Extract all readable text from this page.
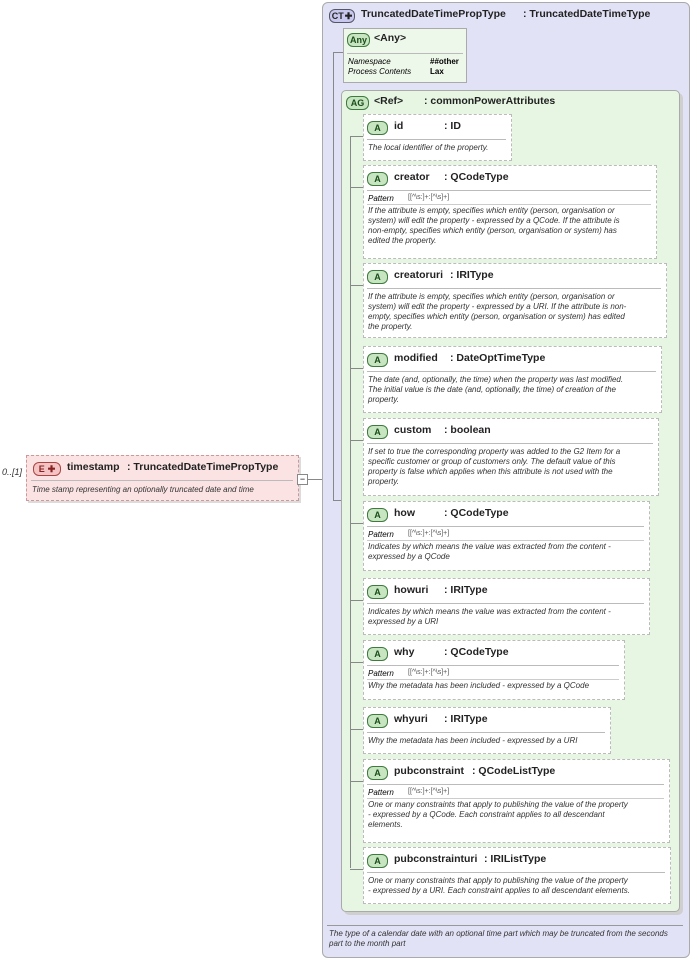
0..[1]	E ✚	timestamp : TruncatedDateTimePropType
Time stamp representing an optionally truncated date and time
−
CT✚ TruncatedDateTimePropType : TruncatedDateTimeType
The type of a calendar date with an optional time part which may be truncated from the seconds part to the month part
Any <Any>
Namespace	##other
Process Contents Lax
AG <Ref> : commonPowerAttributes
A	id	: ID
The local identifier of the property.
A	creator : QCodeType
Pattern [[^\s:]+:[^\s]+]
If the attribute is empty, specifies which entity (person, organisation or
system) will edit the property - expressed by a QCode. If the attribute is
non-empty, specifies which entity (person, organisation or system) has
edited the property.
A	creatoruri : IRIType
If the attribute is empty, specifies which entity (person, organisation or
system) will edit the property - expressed by a URI. If the attribute is non-
empty, specifies which entity (person, organisation or system) has edited
the property.
A	modified : DateOptTimeType
The date (and, optionally, the time) when the property was last modified.
The initial value is the date (and, optionally, the time) of creation of the
property.
A	custom : boolean
If set to true the corresponding property was added to the G2 Item for a
specific customer or group of customers only. The default value of this
property is false which applies when this attribute is not used with the
property.
A	how	: QCodeType
Pattern [[^\s:]+:[^\s]+]
Indicates by which means the value was extracted from the content -
expressed by a QCode
A	howuri : IRIType
Indicates by which means the value was extracted from the content -
expressed by a URI
A	why	: QCodeType
Pattern [[^\s:]+:[^\s]+]
Why the metadata has been included - expressed by a QCode
A	whyuri : IRIType
Why the metadata has been included - expressed by a URI
A	pubconstraint : QCodeListType
Pattern [[^\s:]+:[^\s]+]
One or many constraints that apply to publishing the value of the property
- expressed by a QCode. Each constraint applies to all descendant
elements.
A	pubconstrainturi : IRIListType
One or many constraints that apply to publishing the value of the property
- expressed by a URI. Each constraint applies to all descendant elements.
